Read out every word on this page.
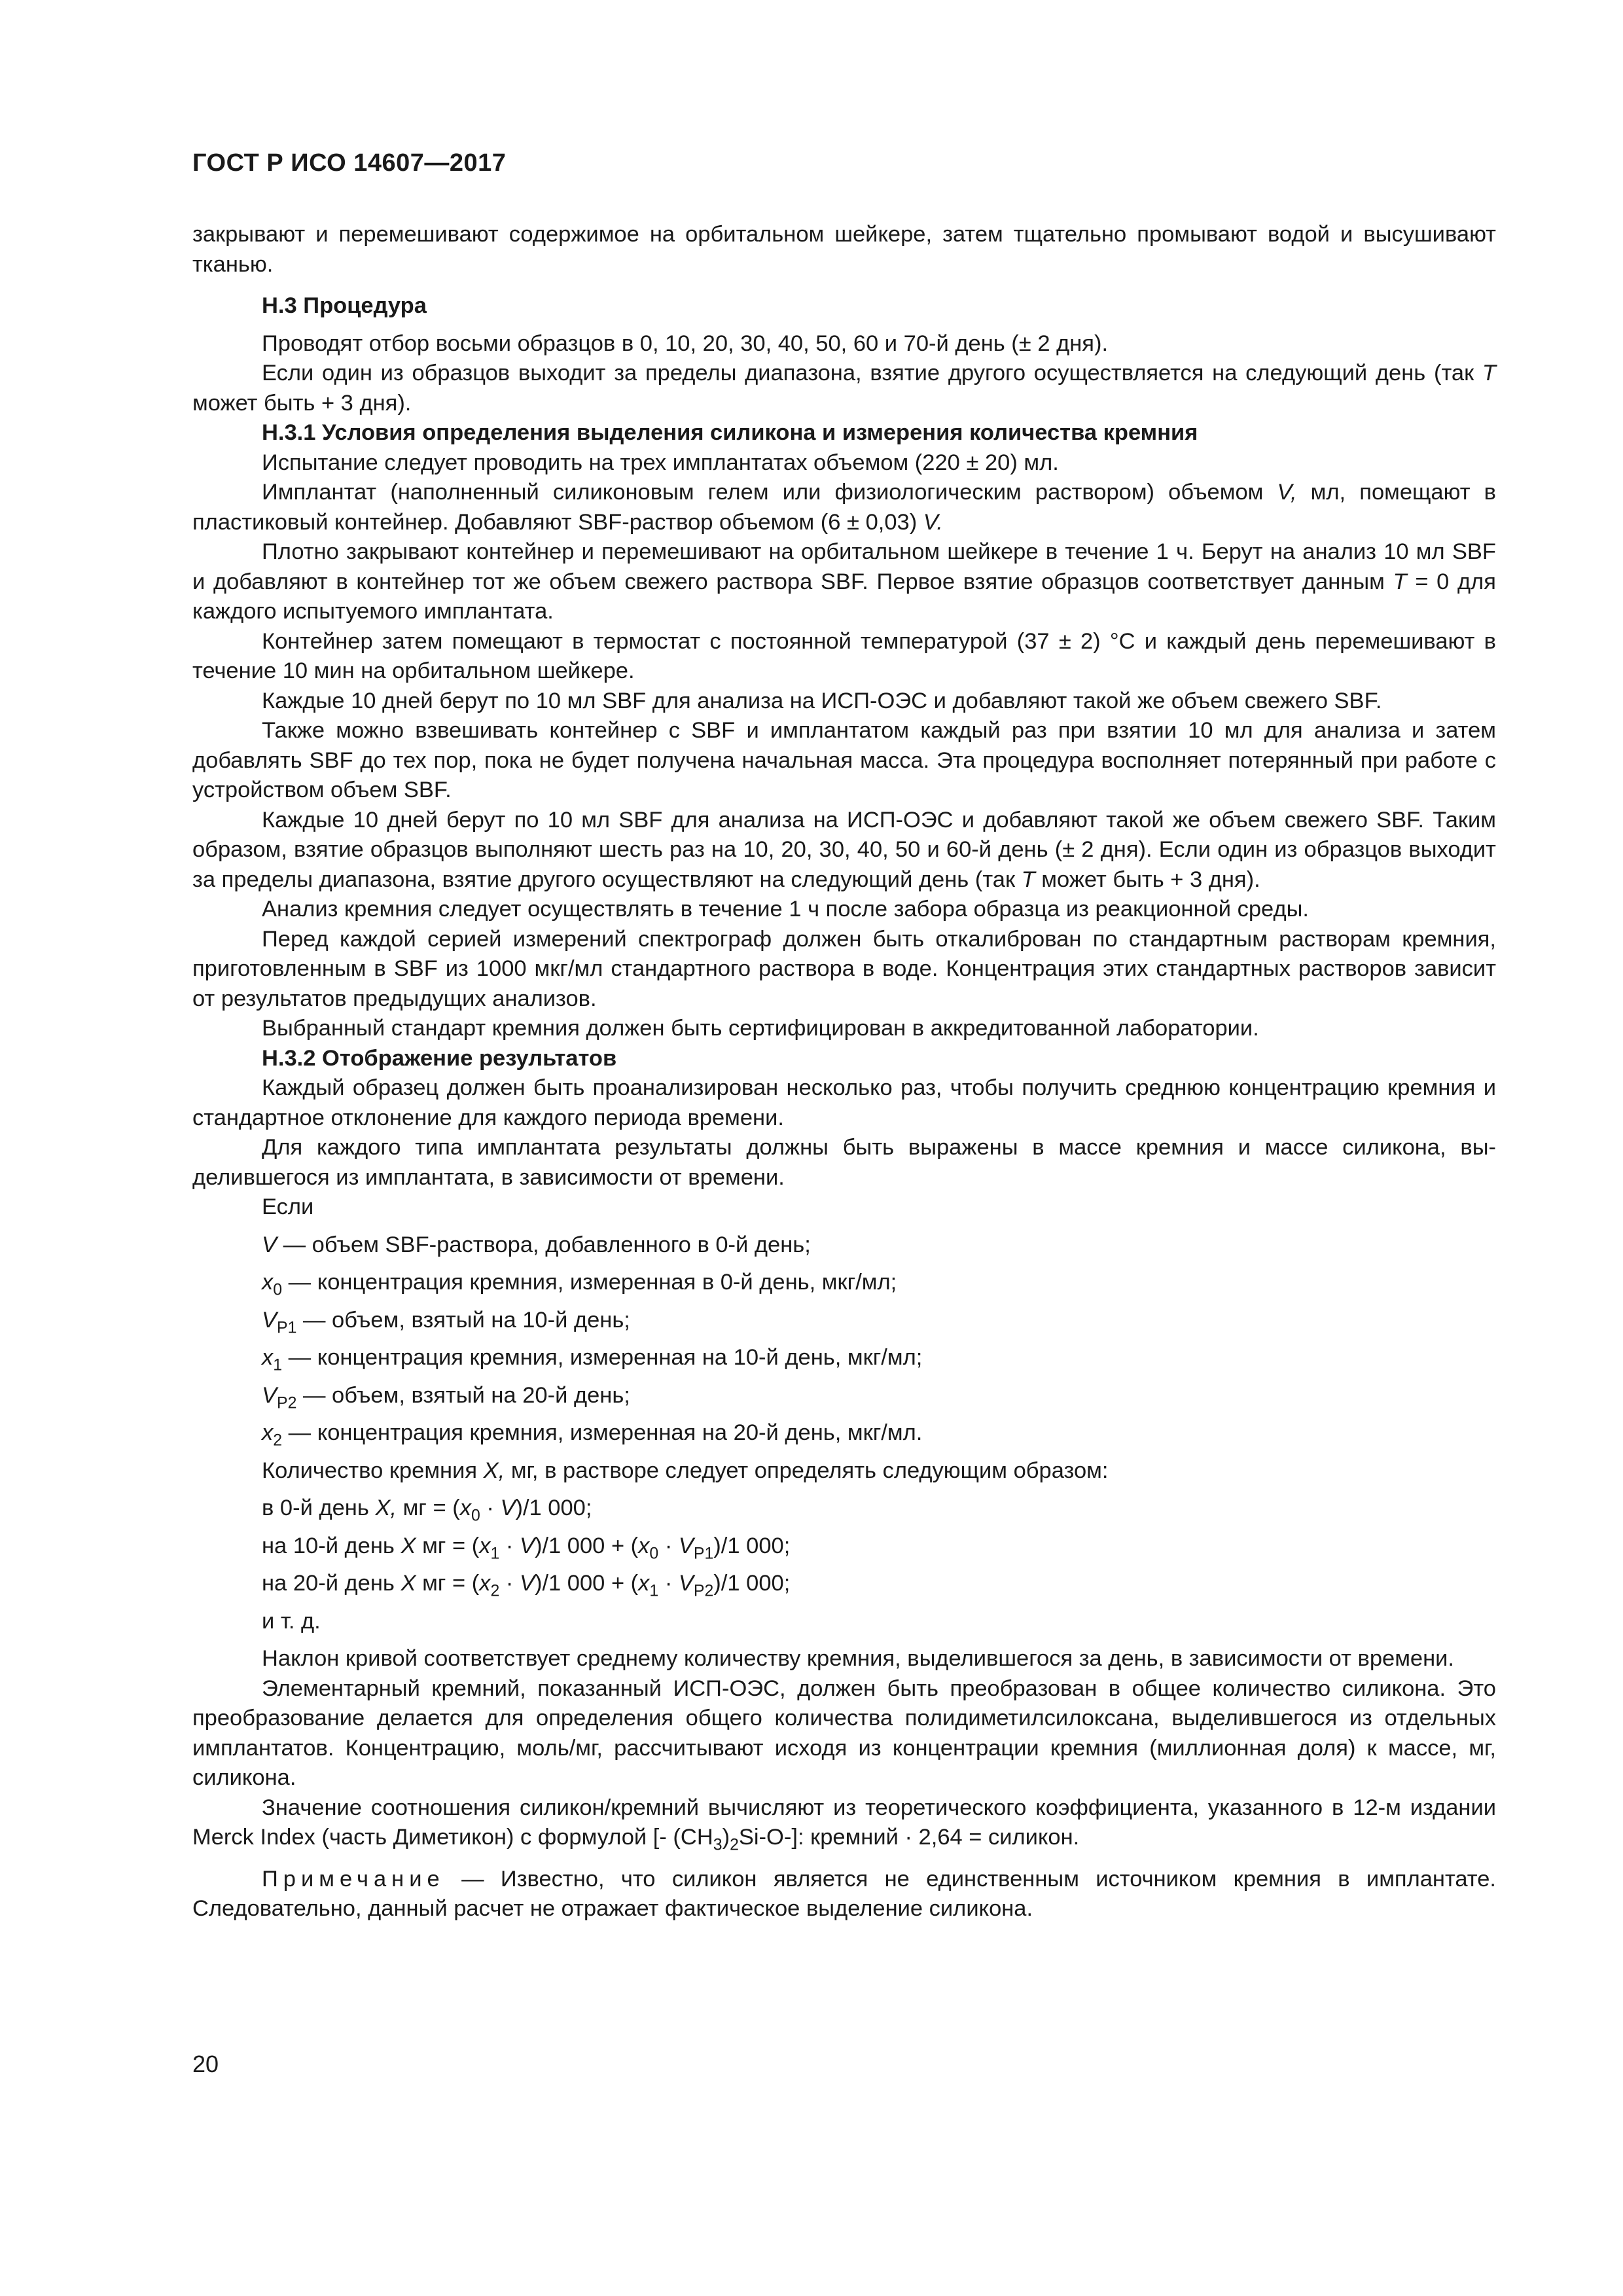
ГОСТ Р ИСО 14607—2017

закрывают и перемешивают содержимое на орбитальном шейкере, затем тщательно промывают водой и высушивают тканью.

Н.3 Процедура

Проводят отбор восьми образцов в 0, 10, 20, 30, 40, 50, 60 и 70-й день (± 2 дня).

Если один из образцов выходит за пределы диапазона, взятие другого осуществляется на следующий день (так T может быть + 3 дня).

Н.3.1 Условия определения выделения силикона и измерения количества кремния

Испытание следует проводить на трех имплантатах объемом (220 ± 20) мл.

Имплантат (наполненный силиконовым гелем или физиологическим раствором) объемом V, мл, помещают в пластиковый контейнер. Добавляют SBF-раствор объемом (6 ± 0,03) V.

Плотно закрывают контейнер и перемешивают на орбитальном шейкере в течение 1 ч. Берут на анализ 10 мл SBF и добавляют в контейнер тот же объем свежего раствора SBF. Первое взятие образцов соответствует данным T = 0 для каждого испытуемого имплантата.

Контейнер затем помещают в термостат с постоянной температурой (37 ± 2) °С и каждый день перемешивают в течение 10 мин на орбитальном шейкере.

Каждые 10 дней берут по 10 мл SBF для анализа на ИСП-ОЭС и добавляют такой же объем свежего SBF.

Также можно взвешивать контейнер с SBF и имплантатом каждый раз при взятии 10 мл для анализа и затем добавлять SBF до тех пор, пока не будет получена начальная масса. Эта процедура восполняет потерянный при работе с устройством объем SBF.

Каждые 10 дней берут по 10 мл SBF для анализа на ИСП-ОЭС и добавляют такой же объем свежего SBF. Таким образом, взятие образцов выполняют шесть раз на 10, 20, 30, 40, 50 и 60-й день (± 2 дня). Если один из образцов выходит за пределы диапазона, взятие другого осуществляют на следующий день (так T может быть + 3 дня).

Анализ кремния следует осуществлять в течение 1 ч после забора образца из реакционной среды.

Перед каждой серией измерений спектрограф должен быть откалиброван по стандартным растворам кремния, приготовленным в SBF из 1000 мкг/мл стандартного раствора в воде. Концентрация этих стандартных растворов зависит от результатов предыдущих анализов.

Выбранный стандарт кремния должен быть сертифицирован в аккредитованной лаборатории.

Н.3.2 Отображение результатов

Каждый образец должен быть проанализирован несколько раз, чтобы получить среднюю концентрацию кремния и стандартное отклонение для каждого периода времени.

Для каждого типа имплантата результаты должны быть выражены в массе кремния и массе силикона, выделившегося из имплантата, в зависимости от времени.

Если

V — объем SBF-раствора, добавленного в 0-й день;

$x_0$ — концентрация кремния, измеренная в 0-й день, мкг/мл;

$V_{P1}$ — объем, взятый на 10-й день;

$x_1$ — концентрация кремния, измеренная на 10-й день, мкг/мл;

$V_{P2}$ — объем, взятый на 20-й день;

$x_2$ — концентрация кремния, измеренная на 20-й день, мкг/мл.

Количество кремния X, мг, в растворе следует определять следующим образом:

в 0-й день X, мг = $(x_0 \cdot V)/1$ 000;

на 10-й день X мг = $(x_1 \cdot V)/1$ $000 + (x_0 \cdot V_{P1})/1$ 000;

на 20-й день X мг = $(x_2 \cdot V)/1$ $000 + (x_1 \cdot V_{P2})/1$ 000;

и т. д.

Наклон кривой соответствует среднему количеству кремния, выделившегося за день, в зависимости от времени.

Элементарный кремний, показанный ИСП-ОЭС, должен быть преобразован в общее количество силикона. Это преобразование делается для определения общего количества полидиметилсилоксана, выделившегося из отдельных имплантатов. Концентрацию, моль/мг, рассчитывают исходя из концентрации кремния (миллионная доля) к массе, мг, силикона.

Значение соотношения силикон/кремний вычисляют из теоретического коэффициента, указанного в 12-м издании Merck Index (часть Диметикон) с формулой [- $(CH_3)_2Si-O-$]: кремний · 2,64 = силикон.

Примечание — Известно, что силикон является не единственным источником кремния в имплантате. Следовательно, данный расчет не отражает фактическое выделение силикона.

20
